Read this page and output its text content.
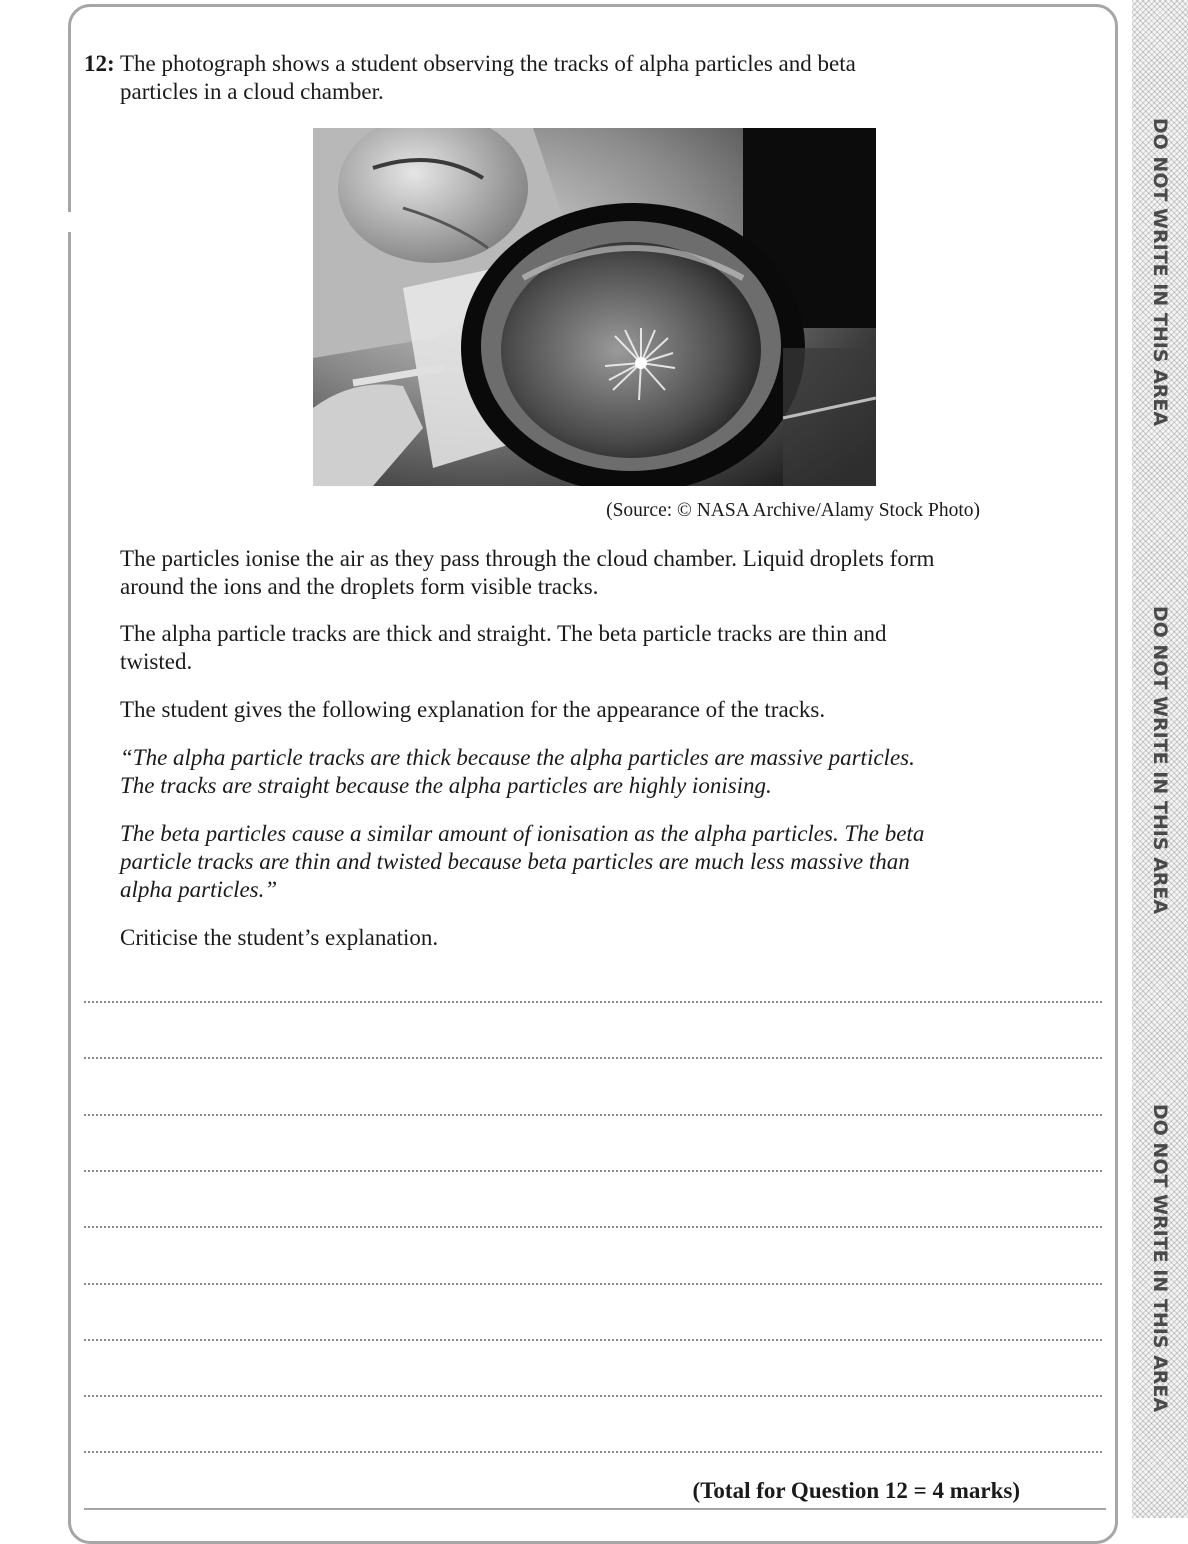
DO NOT WRITE IN THIS AREA
DO NOT WRITE IN THIS AREA
DO NOT WRITE IN THIS AREA
12: The photograph shows a student observing the tracks of alpha particles and beta
particles in a cloud chamber.
(Source: © NASA Archive/Alamy Stock Photo)
The particles ionise the air as they pass through the cloud chamber. Liquid droplets form
around the ions and the droplets form visible tracks.
The alpha particle tracks are thick and straight. The beta particle tracks are thin and
twisted.
The student gives the following explanation for the appearance of the tracks.
“The alpha particle tracks are thick because the alpha particles are massive particles.
The tracks are straight because the alpha particles are highly ionising.
The beta particles cause a similar amount of ionisation as the alpha particles. The beta
particle tracks are thin and twisted because beta particles are much less massive than
alpha particles.”
Criticise the student’s explanation.
(Total for Question 12 = 4 marks)
